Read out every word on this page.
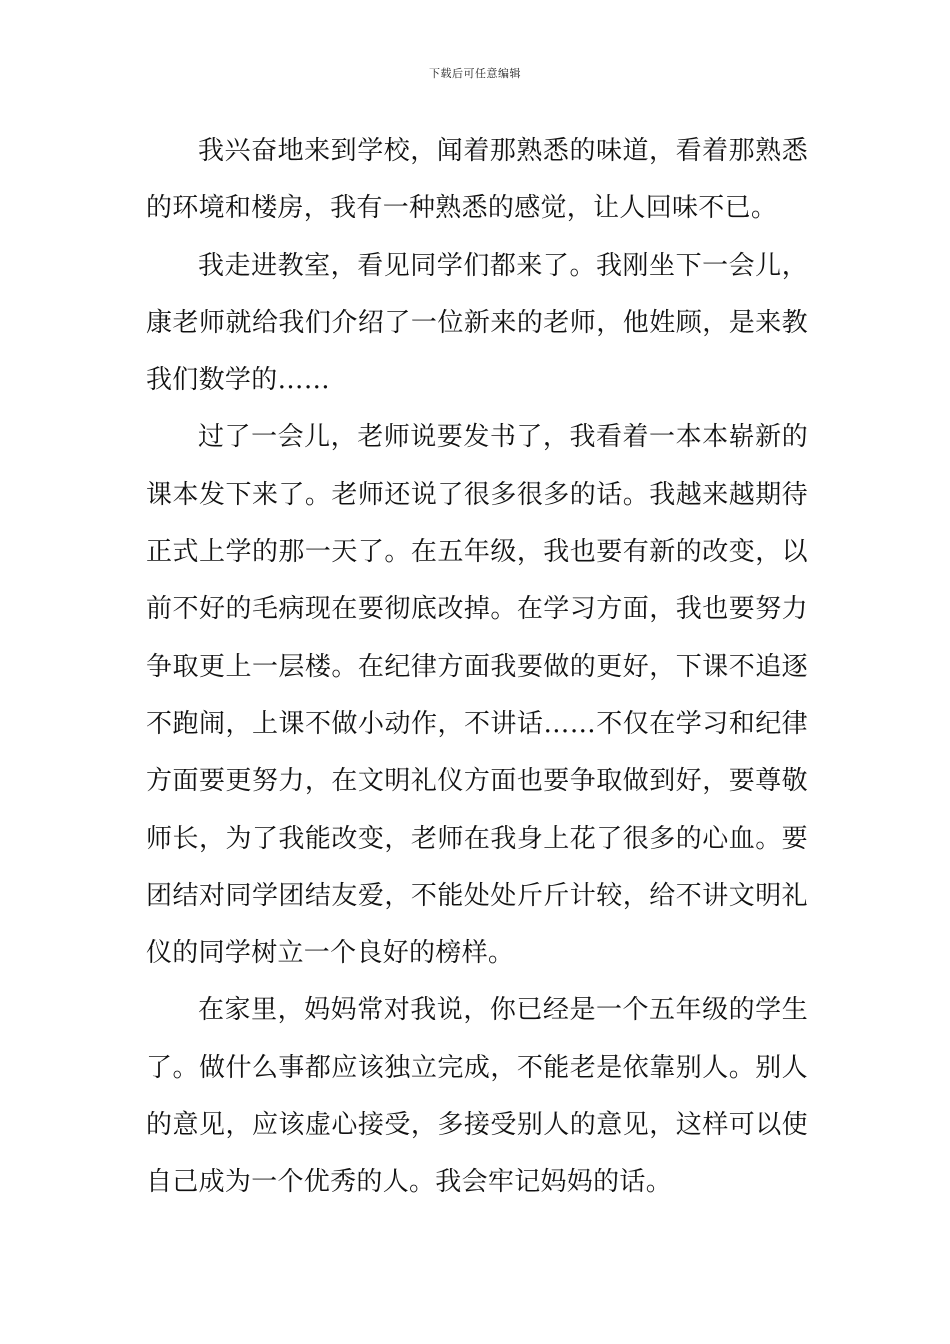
下载后可任意编辑

我兴奋地来到学校，闻着那熟悉的味道，看着那熟悉的环境和楼房，我有一种熟悉的感觉，让人回味不已。

我走进教室，看见同学们都来了。我刚坐下一会儿，康老师就给我们介绍了一位新来的老师，他姓顾，是来教我们数学的……

过了一会儿，老师说要发书了，我看着一本本崭新的课本发下来了。老师还说了很多很多的话。我越来越期待正式上学的那一天了。在五年级，我也要有新的改变，以前不好的毛病现在要彻底改掉。在学习方面，我也要努力争取更上一层楼。在纪律方面我要做的更好，下课不追逐不跑闹，上课不做小动作，不讲话……不仅在学习和纪律方面要更努力，在文明礼仪方面也要争取做到好，要尊敬师长，为了我能改变，老师在我身上花了很多的心血。要团结对同学团结友爱，不能处处斤斤计较，给不讲文明礼仪的同学树立一个良好的榜样。

在家里，妈妈常对我说，你已经是一个五年级的学生了。做什么事都应该独立完成，不能老是依靠别人。别人的意见，应该虚心接受，多接受别人的意见，这样可以使自己成为一个优秀的人。我会牢记妈妈的话。
